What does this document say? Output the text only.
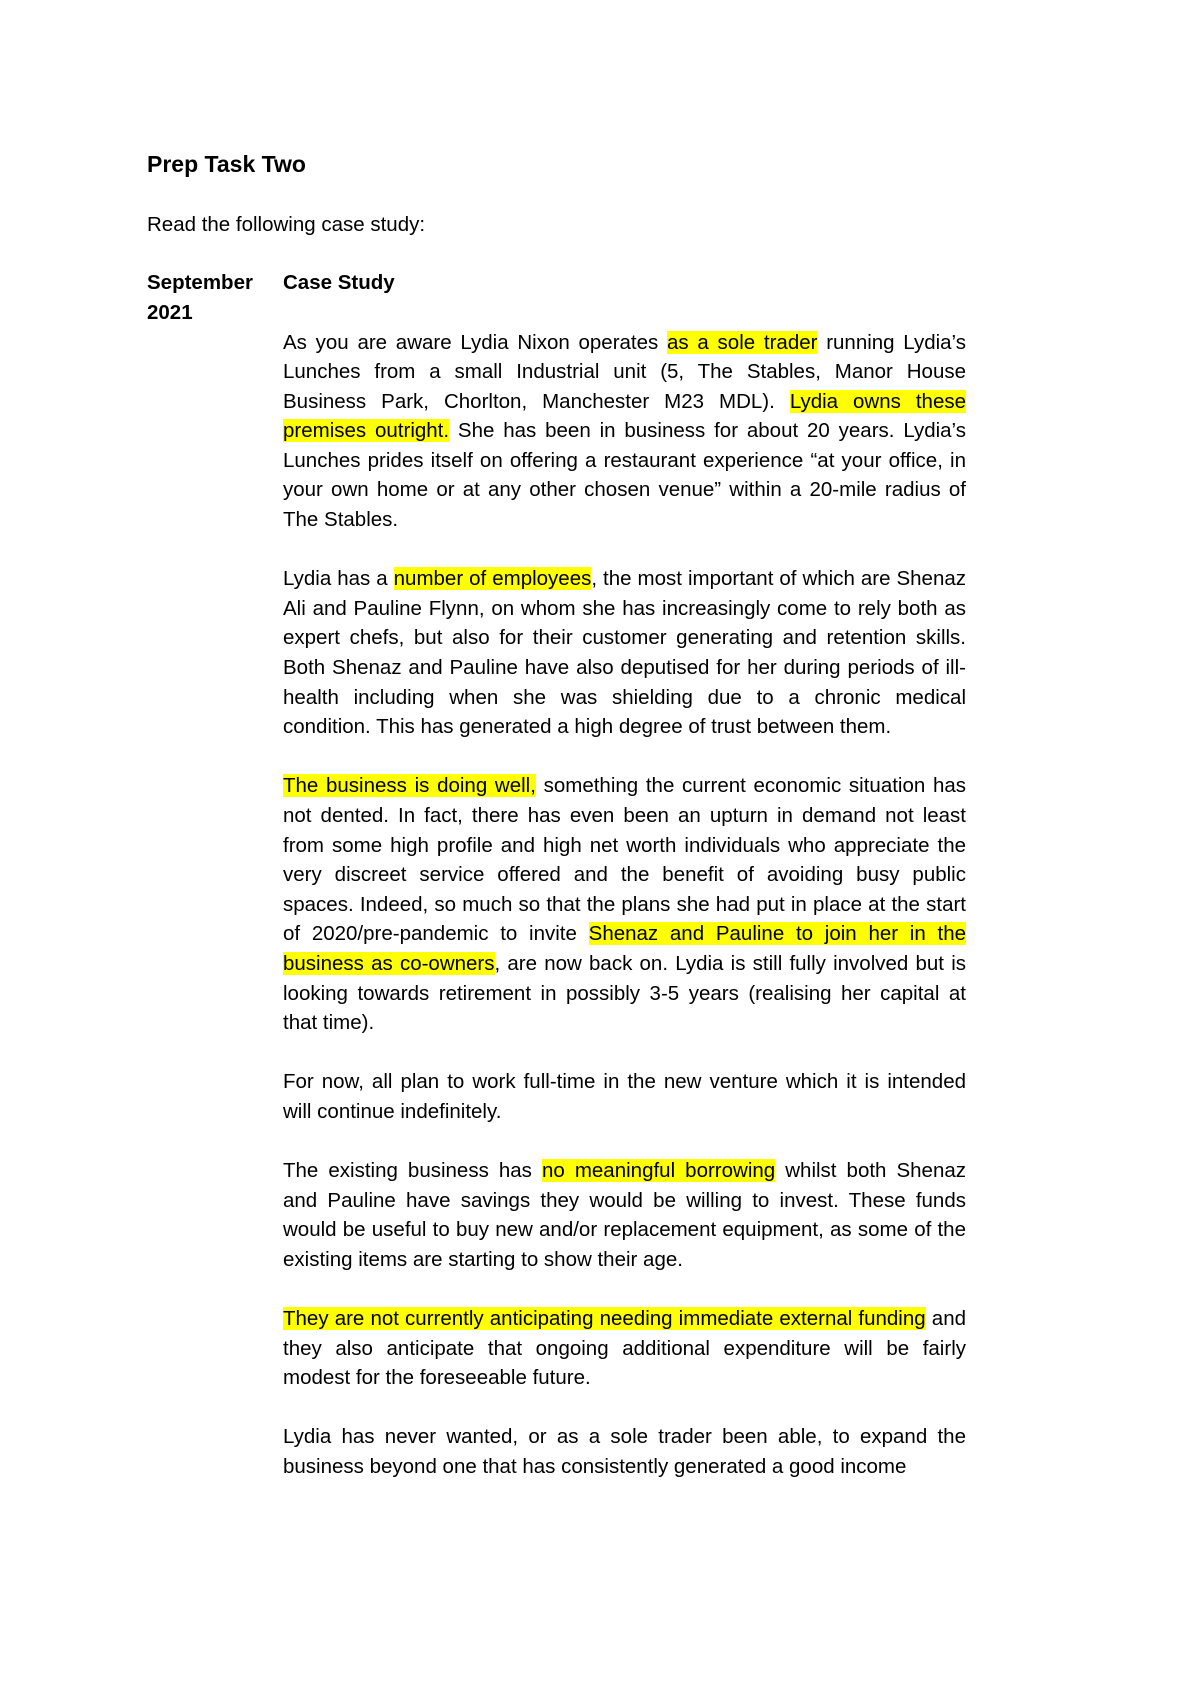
Prep Task Two

Read the following case study:

September
2021
Case Study

As you are aware Lydia Nixon operates as a sole trader running Lydia’s Lunches from a small Industrial unit (5, The Stables, Manor House Business Park, Chorlton, Manchester M23 MDL). Lydia owns these premises outright. She has been in business for about 20 years. Lydia’s Lunches prides itself on offering a restaurant experience “at your office, in your own home or at any other chosen venue” within a 20-mile radius of The Stables.

Lydia has a number of employees, the most important of which are Shenaz Ali and Pauline Flynn, on whom she has increasingly come to rely both as expert chefs, but also for their customer generating and retention skills. Both Shenaz and Pauline have also deputised for her during periods of ill-health including when she was shielding due to a chronic medical condition. This has generated a high degree of trust between them.

The business is doing well, something the current economic situation has not dented. In fact, there has even been an upturn in demand not least from some high profile and high net worth individuals who appreciate the very discreet service offered and the benefit of avoiding busy public spaces. Indeed, so much so that the plans she had put in place at the start of 2020/pre-pandemic to invite Shenaz and Pauline to join her in the business as co-owners, are now back on. Lydia is still fully involved but is looking towards retirement in possibly 3-5 years (realising her capital at that time).

For now, all plan to work full-time in the new venture which it is intended will continue indefinitely.

The existing business has no meaningful borrowing whilst both Shenaz and Pauline have savings they would be willing to invest. These funds would be useful to buy new and/or replacement equipment, as some of the existing items are starting to show their age.

They are not currently anticipating needing immediate external funding and they also anticipate that ongoing additional expenditure will be fairly modest for the foreseeable future.

Lydia has never wanted, or as a sole trader been able, to expand the business beyond one that has consistently generated a good income
